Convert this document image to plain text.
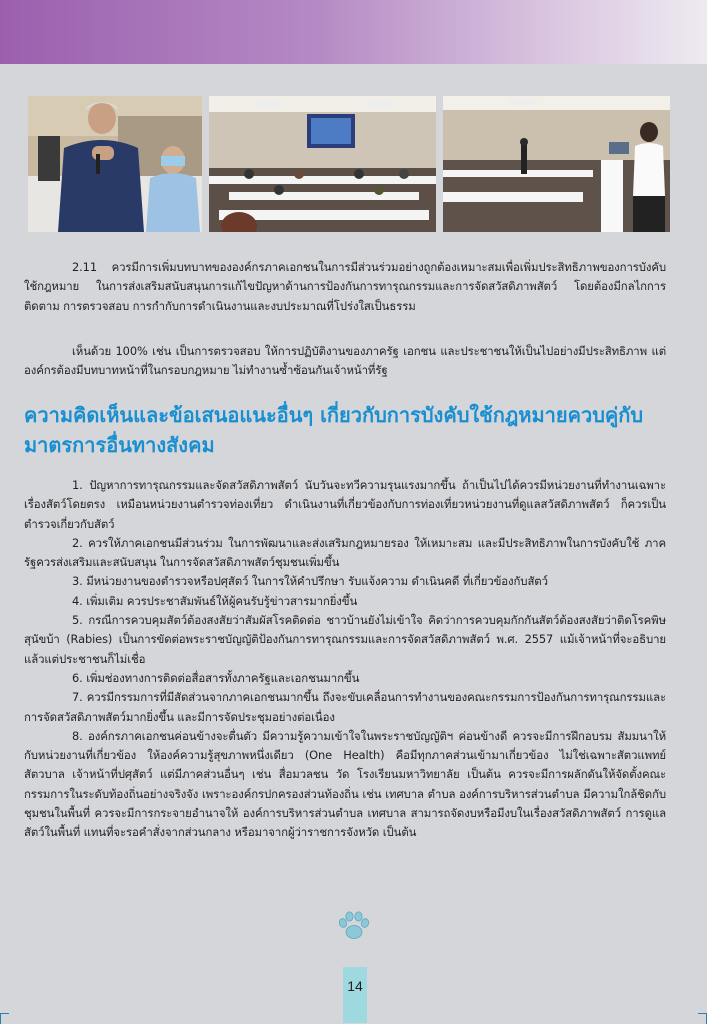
2.11 ควรมีการเพิ่มบทบาทขององค์กรภาคเอกชนในการมีส่วนร่วมอย่างถูกต้องเหมาะสมเพื่อเพิ่มประสิทธิภาพของการบังคับใช้กฎหมาย ในการส่งเสริมสนับสนุนการแก้ไขปัญหาด้านการป้องกันการทารุณกรรมและการจัดสวัสดิภาพสัตว์ โดยต้องมีกลไกการติดตาม การตรวจสอบ การกำกับการดำเนินงานและงบประมาณที่โปร่งใสเป็นธรรม

เห็นด้วย 100% เช่น เป็นการตรวจสอบ ให้การปฏิบัติงานของภาครัฐ เอกชน และประชาชนให้เป็นไปอย่างมีประสิทธิภาพ แต่องค์กรต้องมีบทบาทหน้าที่ในกรอบกฎหมาย ไม่ทำงานซ้ำซ้อนกันเจ้าหน้าที่รัฐ

ความคิดเห็นและข้อเสนอแนะอื่นๆ เกี่ยวกับการบังคับใช้กฎหมายควบคู่กับมาตรการอื่นทางสังคม

1. ปัญหาการทารุณกรรมและจัดสวัสดิภาพสัตว์ นับวันจะทวีความรุนแรงมากขึ้น ถ้าเป็นไปได้ควรมีหน่วยงานที่ทำงานเฉพาะเรื่องสัตว์โดยตรง เหมือนหน่วยงานตำรวจท่องเที่ยว ดำเนินงานที่เกี่ยวข้องกับการท่องเที่ยวหน่วยงานที่ดูแลสวัสดิภาพสัตว์ ก็ควรเป็นตำรวจเกี่ยวกับสัตว์

2. ควรให้ภาคเอกชนมีส่วนร่วม ในการพัฒนาและส่งเสริมกฎหมายรอง ให้เหมาะสม และมีประสิทธิภาพในการบังคับใช้ ภาครัฐควรส่งเสริมและสนับสนุน ในการจัดสวัสดิภาพสัตว์ชุมชนเพิ่มขึ้น

3. มีหน่วยงานของตำรวจหรือปศุสัตว์ ในการให้คำปรึกษา รับแจ้งความ ดำเนินคดี ที่เกี่ยวข้องกับสัตว์

4. เพิ่มเติม ควรประชาสัมพันธ์ให้ผู้คนรับรู้ข่าวสารมากยิ่งขึ้น

5. กรณีการควบคุมสัตว์ต้องสงสัยว่าสัมผัสโรคติดต่อ ชาวบ้านยังไม่เข้าใจ คิดว่าการควบคุมกักกันสัตว์ต้องสงสัยว่าติดโรคพิษสุนัขบ้า (Rabies) เป็นการขัดต่อพระราชบัญญัติป้องกันการทารุณกรรมและการจัดสวัสดิภาพสัตว์ พ.ศ. 2557 แม้เจ้าหน้าที่จะอธิบายแล้วแต่ประชาชนก็ไม่เชื่อ

6. เพิ่มช่องทางการติดต่อสื่อสารทั้งภาครัฐและเอกชนมากขึ้น

7. ควรมีกรรมการที่มีสัดส่วนจากภาคเอกชนมากขึ้น ถึงจะขับเคลื่อนการทำงานของคณะกรรมการป้องกันการทารุณกรรมและการจัดสวัสดิภาพสัตว์มากยิ่งขึ้น และมีการจัดประชุมอย่างต่อเนื่อง

8. องค์กรภาคเอกชนค่อนข้างจะตื่นตัว มีความรู้ความเข้าใจในพระราชบัญญัติฯ ค่อนข้างดี ควรจะมีการฝึกอบรม สัมมนาให้กับหน่วยงานที่เกี่ยวข้อง ให้องค์ความรู้สุขภาพหนึ่งเดียว (One Health) คือมีทุกภาคส่วนเข้ามาเกี่ยวข้อง ไม่ใช่เฉพาะสัตวแพทย์ สัตวบาล เจ้าหน้าที่ปศุสัตว์ แต่มีภาคส่วนอื่นๆ เช่น สื่อมวลชน วัด โรงเรียนมหาวิทยาลัย เป็นต้น ควรจะมีการผลักดันให้จัดตั้งคณะกรรมการในระดับท้องถิ่นอย่างจริงจัง เพราะองค์กรปกครองส่วนท้องถิ่น เช่น เทศบาล ตำบล องค์การบริหารส่วนตำบล มีความใกล้ชิดกับชุมชนในพื้นที่ ควรจะมีการกระจายอำนาจให้ องค์การบริหารส่วนตำบล เทศบาล สามารถจัดงบหรือมีงบในเรื่องสวัสดิภาพสัตว์ การดูแลสัตว์ในพื้นที่ แทนที่จะรอคำสั่งจากส่วนกลาง หรือมาจากผู้ว่าราชการจังหวัด เป็นต้น

14
